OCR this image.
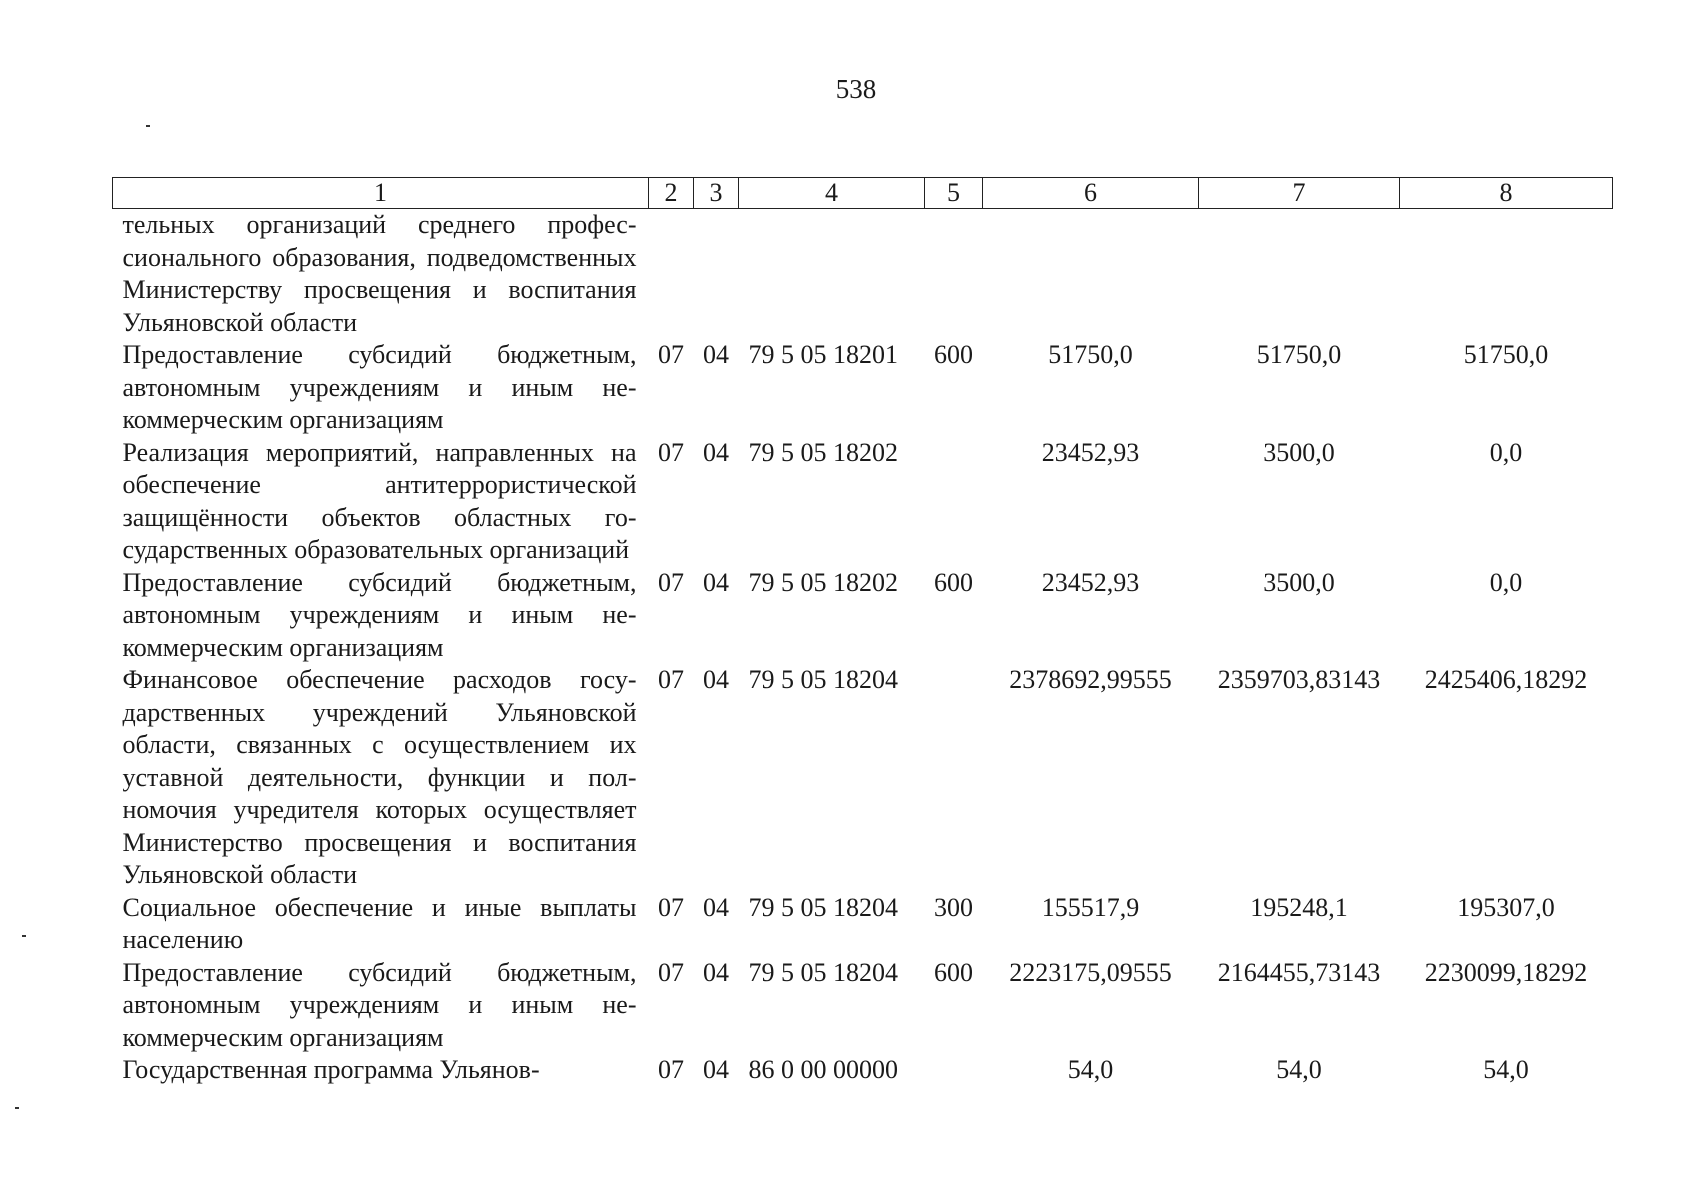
538
1	2	3	4	5	6	7	8
тельных организаций среднего профессионального образования, подведомственных Министерству просвещения и воспитания Ульяновской области							
Предоставление субсидий бюджетным, автономным учреждениям и иным некоммерческим организациям	07	04	79 5 05 18201	600	51750,0	51750,0	51750,0
Реализация мероприятий, направленных на обеспечение антитеррористической защищённости объектов областных государственных образовательных организаций	07	04	79 5 05 18202		23452,93	3500,0	0,0
Предоставление субсидий бюджетным, автономным учреждениям и иным некоммерческим организациям	07	04	79 5 05 18202	600	23452,93	3500,0	0,0
Финансовое обеспечение расходов государственных учреждений Ульяновской области, связанных с осуществлением их уставной деятельности, функции и полномочия учредителя которых осуществляет Министерство просвещения и воспитания Ульяновской области	07	04	79 5 05 18204		2378692,99555	2359703,83143	2425406,18292
Социальное обеспечение и иные выплаты населению	07	04	79 5 05 18204	300	155517,9	195248,1	195307,0
Предоставление субсидий бюджетным, автономным учреждениям и иным некоммерческим организациям	07	04	79 5 05 18204	600	2223175,09555	2164455,73143	2230099,18292
Государственная программа Ульянов-	07	04	86 0 00 00000		54,0	54,0	54,0
